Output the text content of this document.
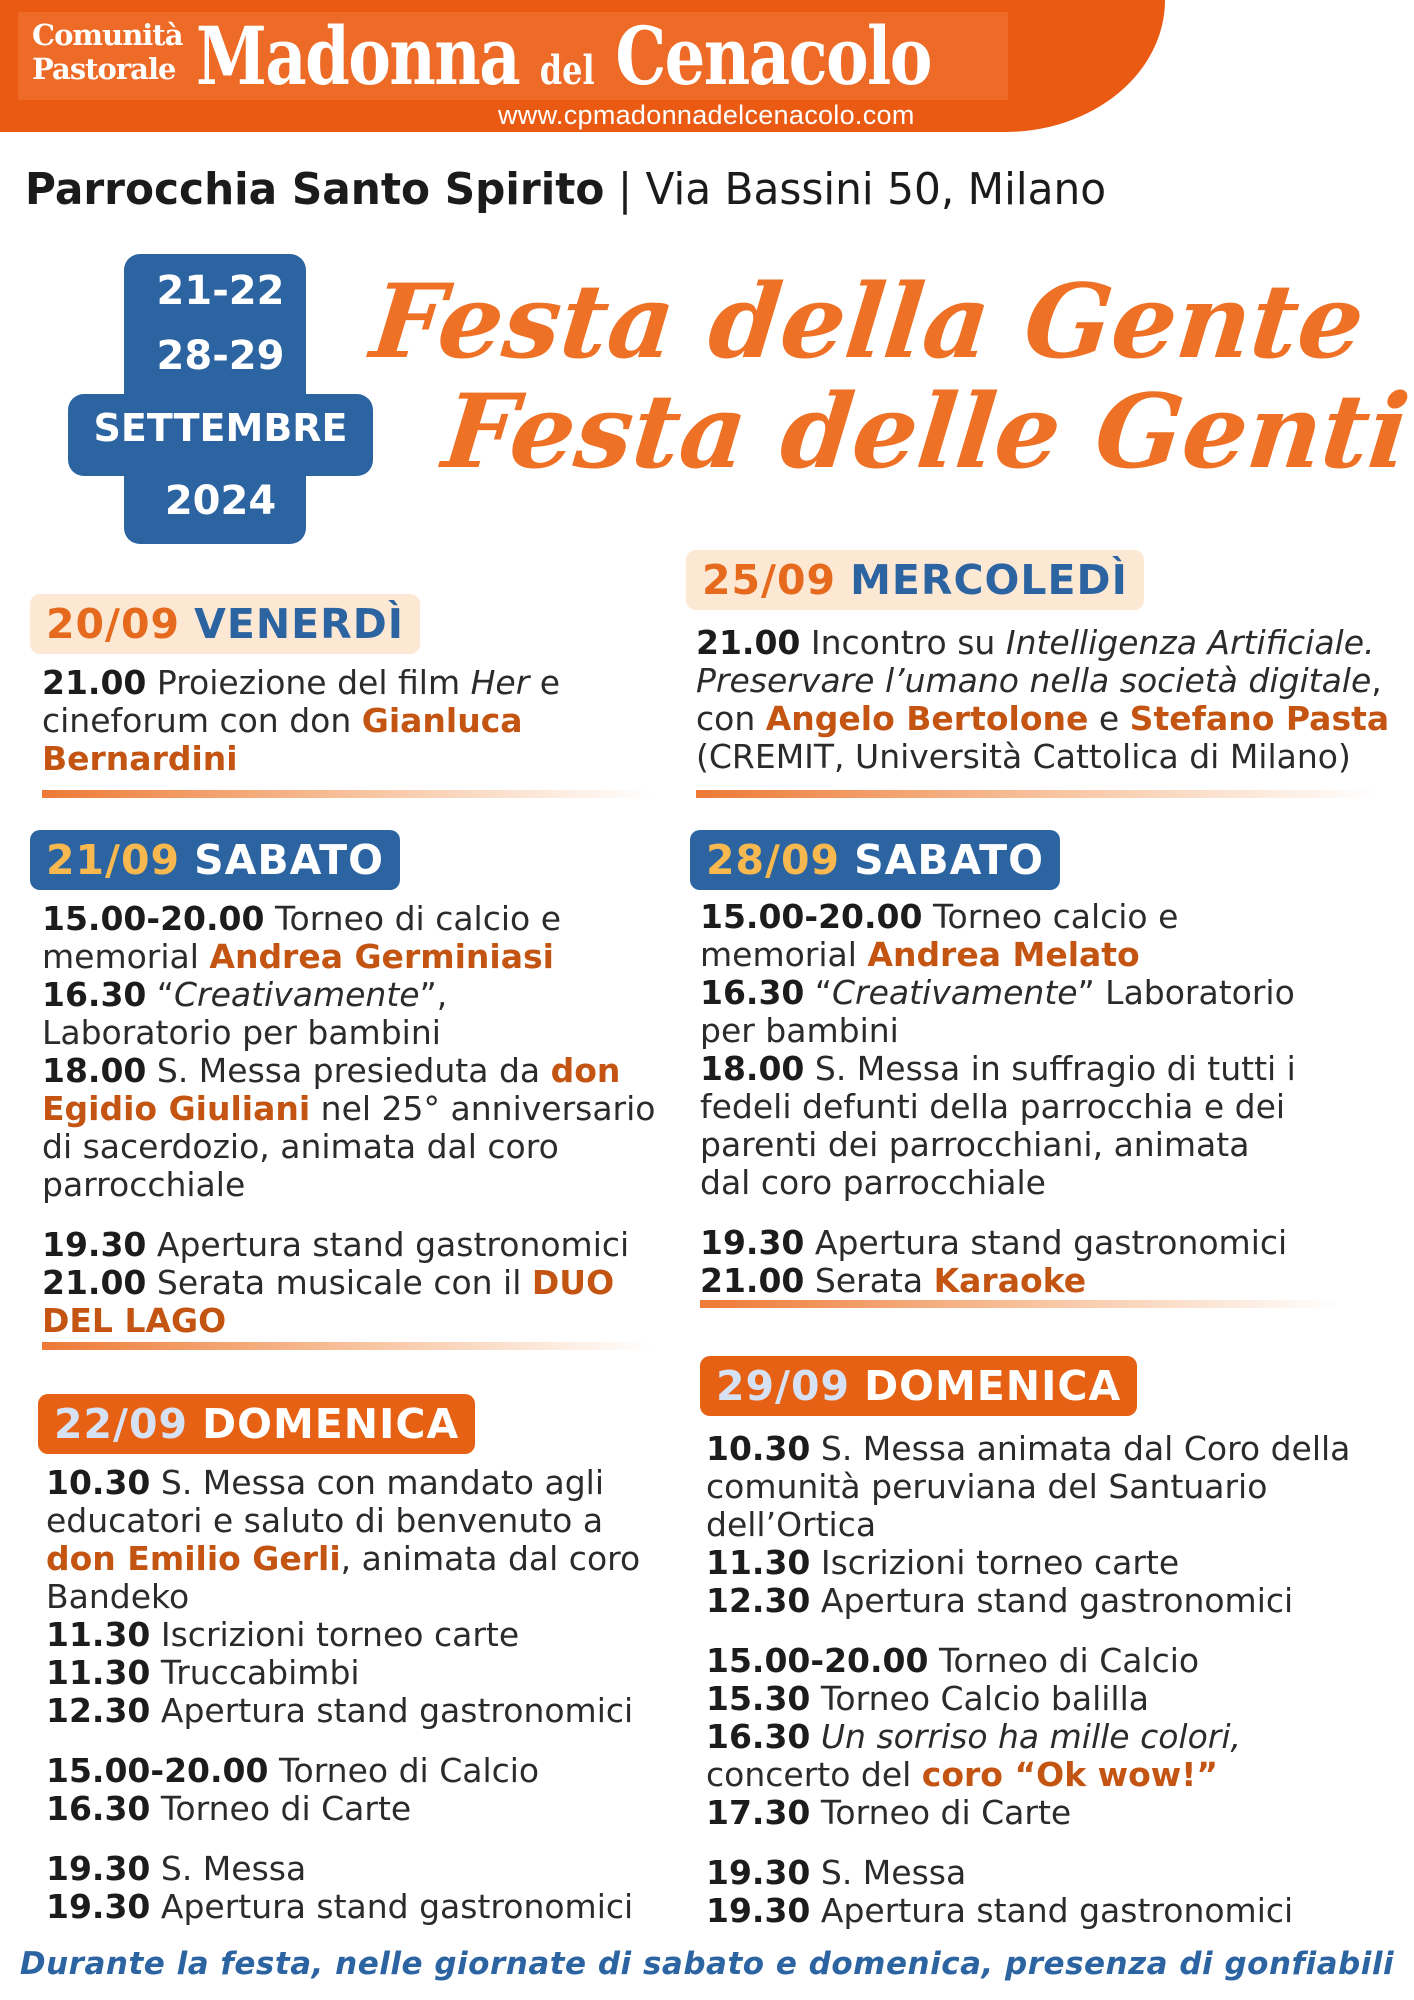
Comunità
Pastorale Madonna del Cenacolo
www.cpmadonnadelcenacolo.com
Parrocchia Santo Spirito | Via Bassini 50, Milano
21-22
28-29
SETTEMBRE
2024
Festa della Gente
Festa delle Genti
20/09 VENERDÌ
21.00 Proiezione del film Her e
cineforum con don Gianluca
Bernardini
25/09 MERCOLEDÌ
21.00 Incontro su Intelligenza Artificiale.
Preservare l’umano nella società digitale,
con Angelo Bertolone e Stefano Pasta
(CREMIT, Università Cattolica di Milano)
21/09 SABATO
15.00-20.00 Torneo di calcio e
memorial Andrea Germiniasi
16.30 “Creativamente”,
Laboratorio per bambini
18.00 S. Messa presieduta da don
Egidio Giuliani nel 25° anniversario
di sacerdozio, animata dal coro
parrocchiale
19.30 Apertura stand gastronomici
21.00 Serata musicale con il DUO
DEL LAGO
28/09 SABATO
15.00-20.00 Torneo calcio e
memorial Andrea Melato
16.30 “Creativamente” Laboratorio
per bambini
18.00 S. Messa in suffragio di tutti i
fedeli defunti della parrocchia e dei
parenti dei parrocchiani, animata
dal coro parrocchiale
19.30 Apertura stand gastronomici
21.00 Serata Karaoke
22/09 DOMENICA
10.30 S. Messa con mandato agli
educatori e saluto di benvenuto a
don Emilio Gerli, animata dal coro
Bandeko
11.30 Iscrizioni torneo carte
11.30 Truccabimbi
12.30 Apertura stand gastronomici
15.00-20.00 Torneo di Calcio
16.30 Torneo di Carte
19.30 S. Messa
19.30 Apertura stand gastronomici
29/09 DOMENICA
10.30 S. Messa animata dal Coro della
comunità peruviana del Santuario
dell’Ortica
11.30 Iscrizioni torneo carte
12.30 Apertura stand gastronomici
15.00-20.00 Torneo di Calcio
15.30 Torneo Calcio balilla
16.30 Un sorriso ha mille colori,
concerto del coro “Ok wow!”
17.30 Torneo di Carte
19.30 S. Messa
19.30 Apertura stand gastronomici
Durante la festa, nelle giornate di sabato e domenica, presenza di gonfiabili
